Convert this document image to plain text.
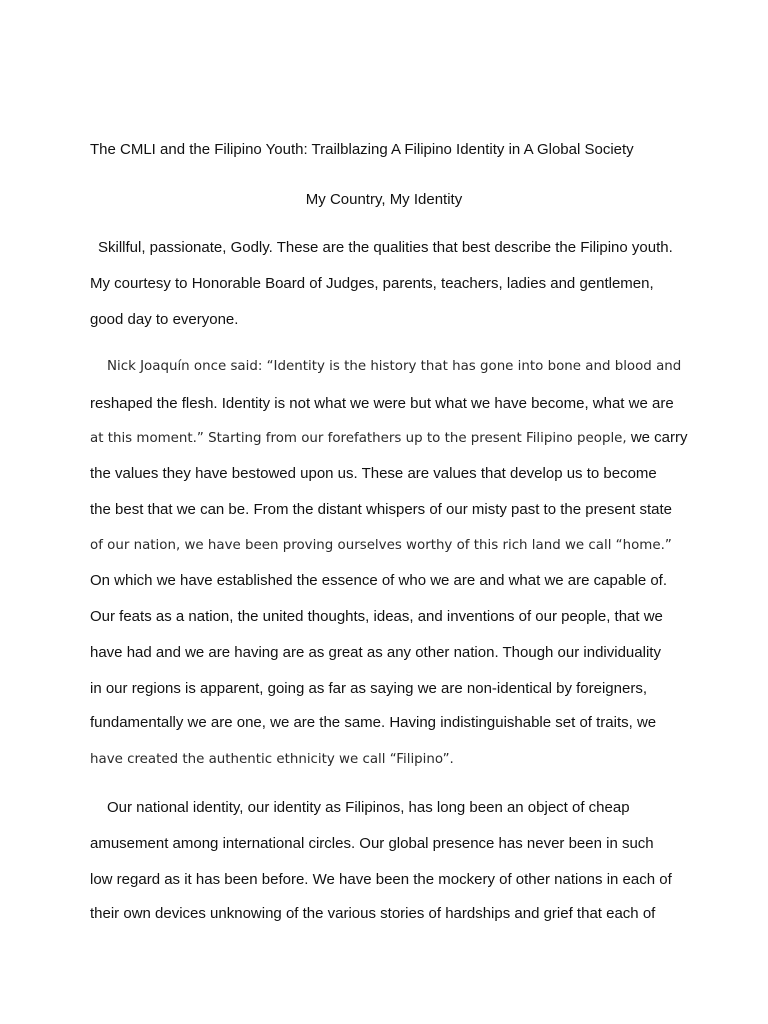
The CMLI and the Filipino Youth: Trailblazing A Filipino Identity in A Global Society
My Country, My Identity
Skillful, passionate, Godly. These are the qualities that best describe the Filipino youth.
My courtesy to Honorable Board of Judges, parents, teachers, ladies and gentlemen,
good day to everyone.
Nick Joaquín once said: “Identity is the history that has gone into bone and blood and
reshaped the flesh. Identity is not what we were but what we have become, what we are
at this moment.” Starting from our forefathers up to the present Filipino people, we carry
the values they have bestowed upon us. These are values that develop us to become
the best that we can be. From the distant whispers of our misty past to the present state
of our nation, we have been proving ourselves worthy of this rich land we call “home.”
On which we have established the essence of who we are and what we are capable of.
Our feats as a nation, the united thoughts, ideas, and inventions of our people, that we
have had and we are having are as great as any other nation. Though our individuality
in our regions is apparent, going as far as saying we are non-identical by foreigners,
fundamentally we are one, we are the same. Having indistinguishable set of traits, we
have created the authentic ethnicity we call “Filipino”.
Our national identity, our identity as Filipinos, has long been an object of cheap
amusement among international circles. Our global presence has never been in such
low regard as it has been before. We have been the mockery of other nations in each of
their own devices unknowing of the various stories of hardships and grief that each of
